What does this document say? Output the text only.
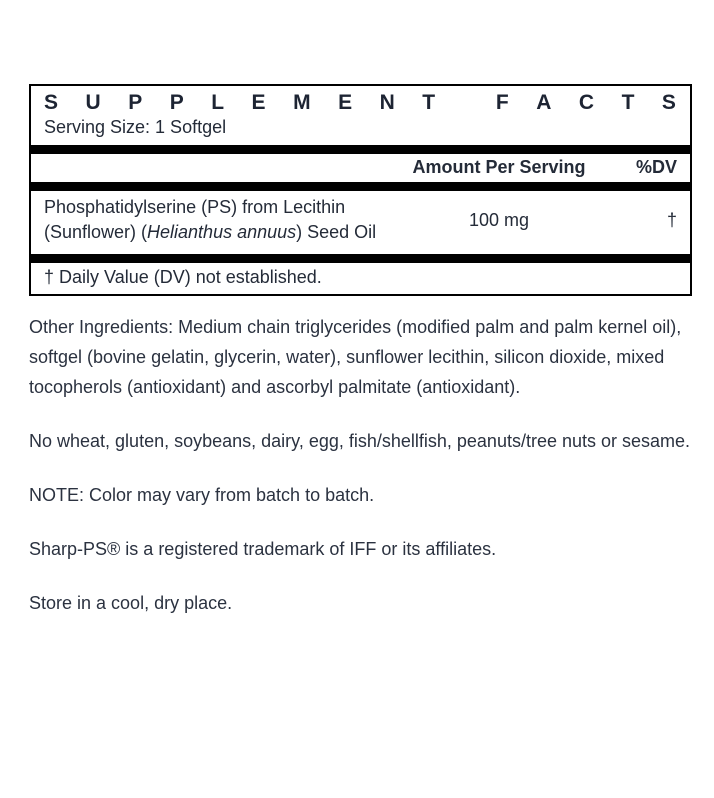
S U P P L E M E N T
	F A C T S
Serving Size: 1 Softgel
Amount Per Serving	%DV
Phosphatidylserine (PS) from Lecithin
(Sunflower) (Helianthus annuus) Seed Oil
100 mg	†
† Daily Value (DV) not established.

Other Ingredients: Medium chain triglycerides (modified palm and palm kernel oil), softgel (bovine gelatin, glycerin, water), sunflower lecithin, silicon dioxide, mixed tocopherols (antioxidant) and ascorbyl palmitate (antioxidant).

No wheat, gluten, soybeans, dairy, egg, fish/shellfish, peanuts/tree nuts or sesame.

NOTE: Color may vary from batch to batch.

Sharp-PS® is a registered trademark of IFF or its affiliates.

Store in a cool, dry place.
